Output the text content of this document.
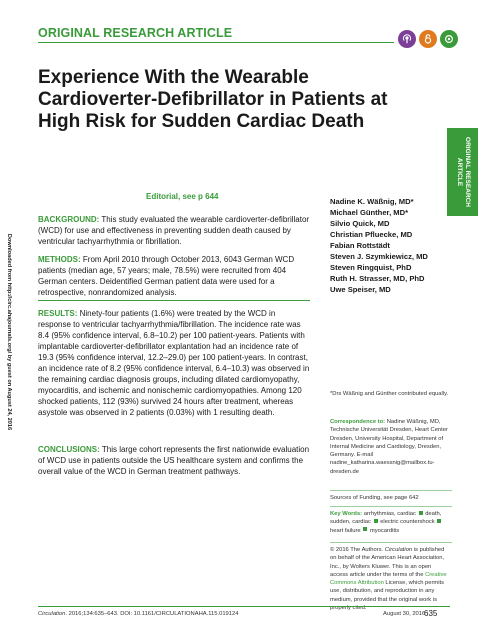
ORIGINAL RESEARCH ARTICLE
Experience With the Wearable Cardioverter-Defibrillator in Patients at High Risk for Sudden Cardiac Death
ORIGINAL RESEARCH
ARTICLE
Downloaded from http://circ.ahajournals.org/ by guest on August 24, 2016
Editorial, see p 644
BACKGROUND: This study evaluated the wearable cardioverter-defibrillator (WCD) for use and effectiveness in preventing sudden death caused by ventricular tachyarrhythmia or fibrillation.
METHODS: From April 2010 through October 2013, 6043 German WCD patients (median age, 57 years; male, 78.5%) were recruited from 404 German centers. Deidentified German patient data were used for a retrospective, nonrandomized analysis.
RESULTS: Ninety-four patients (1.6%) were treated by the WCD in response to ventricular tachyarrhythmia/fibrillation. The incidence rate was 8.4 (95% confidence interval, 6.8–10.2) per 100 patient-years. Patients with implantable cardioverter-defibrillator explantation had an incidence rate of 19.3 (95% confidence interval, 12.2–29.0) per 100 patient-years. In contrast, an incidence rate of 8.2 (95% confidence interval, 6.4–10.3) was observed in the remaining cardiac diagnosis groups, including dilated cardiomyopathy, myocarditis, and ischemic and nonischemic cardiomyopathies. Among 120 shocked patients, 112 (93%) survived 24 hours after treatment, whereas asystole was observed in 2 patients (0.03%) with 1 resulting death.
CONCLUSIONS: This large cohort represents the first nationwide evaluation of WCD use in patients outside the US healthcare system and confirms the overall value of the WCD in German treatment pathways.
Nadine K. Wäßnig, MD*
Michael Günther, MD*
Silvio Quick, MD
Christian Pfluecke, MD
Fabian Rottstädt
Steven J. Szymkiewicz, MD
Steven Ringquist, PhD
Ruth H. Strasser, MD, PhD
Uwe Speiser, MD
*Drs Wäßnig and Günther contributed equally.
Correspondence to: Nadine Wäßnig, MD, Technische Universität Dresden, Heart Center Dresden, University Hospital, Department of Internal Medicine and Cardiology, Dresden, Germany. E-mail nadine_katharina.waessnig@mailbox.tu-dresden.de
Sources of Funding, see page 642
Key Words: arrhythmias, cardiac death, sudden, cardiac electric countershock  heart failure myocarditis
© 2016 The Authors. Circulation is published on behalf of the American Heart Association, Inc., by Wolters Kluwer. This is an open access article under the terms of the Creative Commons Attribution License, which permits use, distribution, and reproduction in any medium, provided that the original work is properly cited.
Circulation. 2016;134:635–643. DOI: 10.1161/CIRCULATIONAHA.115.019124	August 30, 2016
635
